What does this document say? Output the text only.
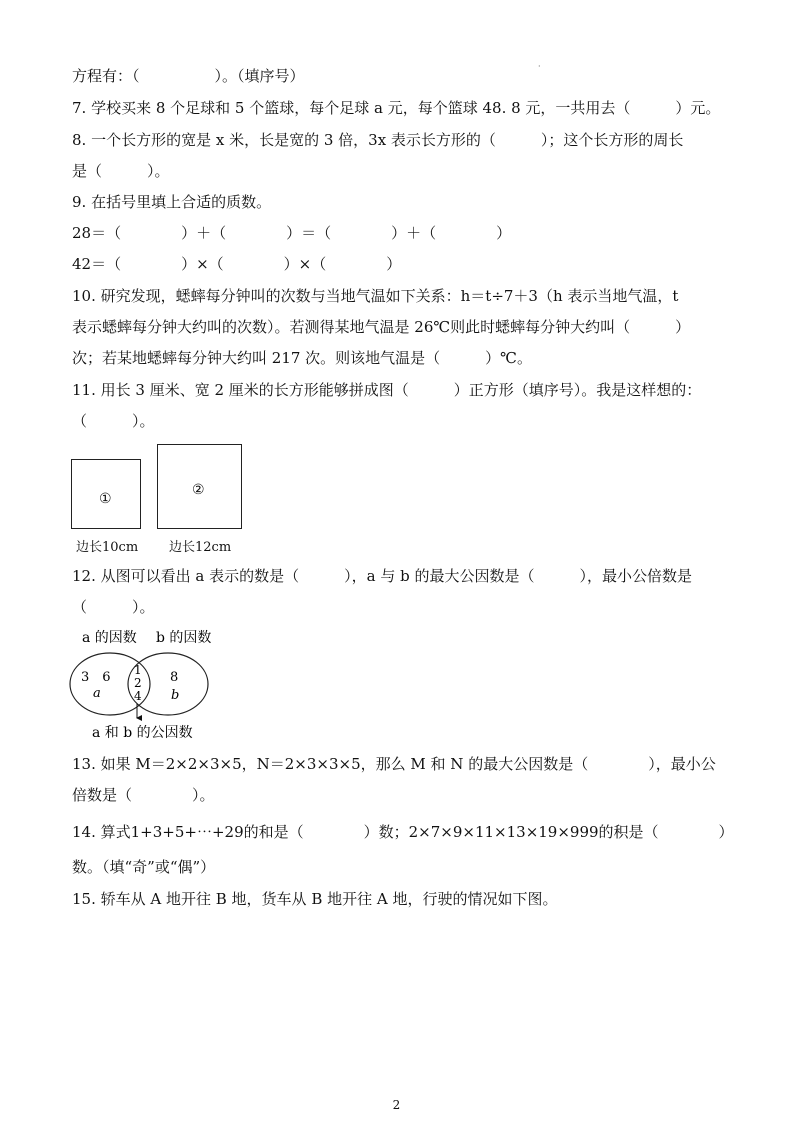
·
方程有：（　　　　　）。（填序号）
7. 学校买来 8 个足球和 5 个篮球，每个足球 a 元，每个篮球 48. 8 元，一共用去（　　　）元。
8. 一个长方形的宽是 x 米，长是宽的 3 倍，3x 表示长方形的（　　　）；这个长方形的周长
是（　　　）。
9. 在括号里填上合适的质数。
28＝（　　　　）＋（　　　　）＝（　　　　）＋（　　　　）
42＝（　　　　）×（　　　　）×（　　　　）
10. 研究发现，蟋蟀每分钟叫的次数与当地气温如下关系：h＝t÷7＋3（h 表示当地气温，t
表示蟋蟀每分钟大约叫的次数）。若测得某地气温是 26℃则此时蟋蟀每分钟大约叫（　　　）
次；若某地蟋蟀每分钟大约叫 217 次。则该地气温是（　　　）℃。
11. 用长 3 厘米、宽 2 厘米的长方形能够拼成图（　　　）正方形（填序号）。我是这样想的：
（　　　）。
①
②
边长10cm 边长12cm
12. 从图可以看出 a 表示的数是（　　　），a 与 b 的最大公因数是（　　　），最小公倍数是
（　　　）。
a 的因数 b 的因数
3　6
a
1
2
4
8
b
a 和 b 的公因数
13. 如果 M＝2×2×3×5，N＝2×3×3×5，那么 M 和 N 的最大公因数是（　　　　），最小公
倍数是（　　　　）。
14. 算式1+3+5+⋯+29的和是（　　　　）数；2×7×9×11×13×19×999的积是（　　　　）
数。（填“奇”或“偶”）
15. 轿车从 A 地开往 B 地，货车从 B 地开往 A 地，行驶的情况如下图。
2
